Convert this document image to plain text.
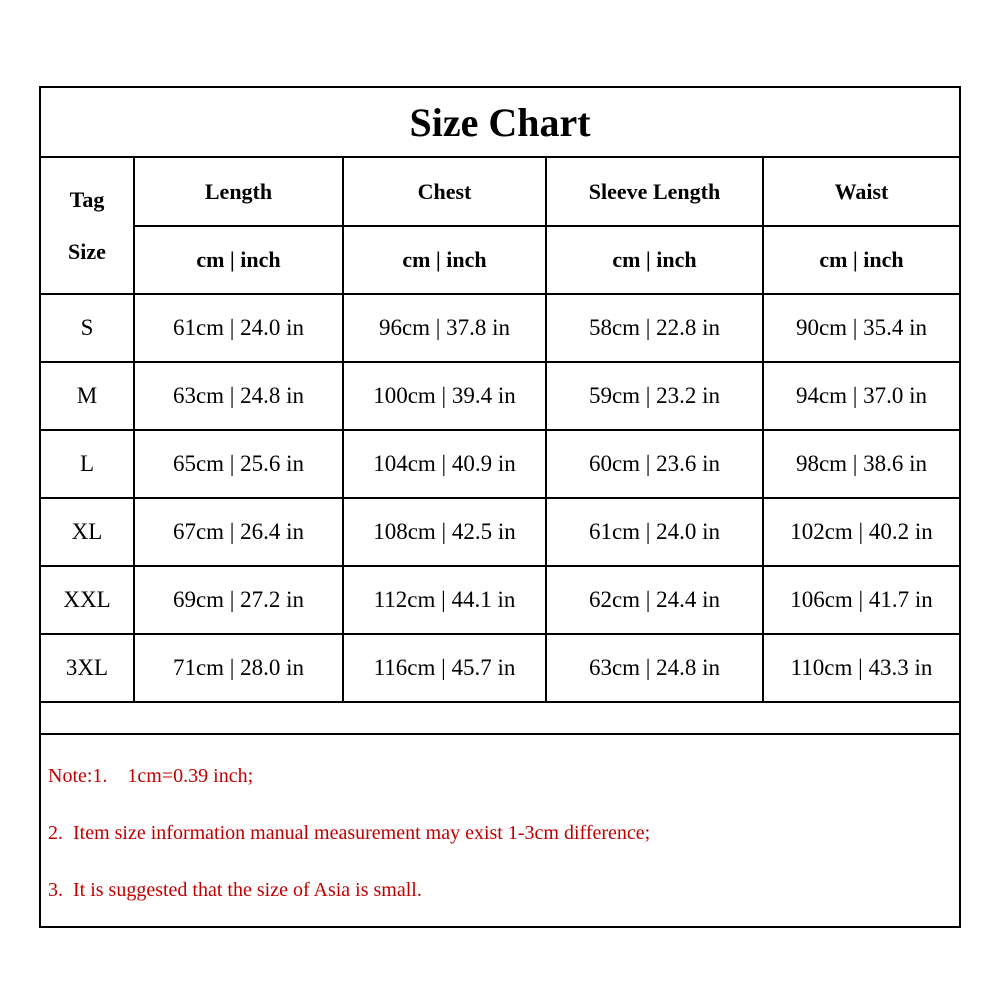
Size Chart
Tag
Size	Length	Chest	Sleeve Length	Waist
	cm | inch	cm | inch	cm | inch	cm | inch
S	61cm | 24.0 in	96cm | 37.8 in	58cm | 22.8 in	90cm | 35.4 in
M	63cm | 24.8 in	100cm | 39.4 in	59cm | 23.2 in	94cm | 37.0 in
L	65cm | 25.6 in	104cm | 40.9 in	60cm | 23.6 in	98cm | 38.6 in
XL	67cm | 26.4 in	108cm | 42.5 in	61cm | 24.0 in	102cm | 40.2 in
XXL	69cm | 27.2 in	112cm | 44.1 in	62cm | 24.4 in	106cm | 41.7 in
3XL	71cm | 28.0 in	116cm | 45.7 in	63cm | 24.8 in	110cm | 43.3 in
Note:1.    1cm=0.39 inch;
2.  Item size information manual measurement may exist 1-3cm difference;
3.  It is suggested that the size of Asia is small.
